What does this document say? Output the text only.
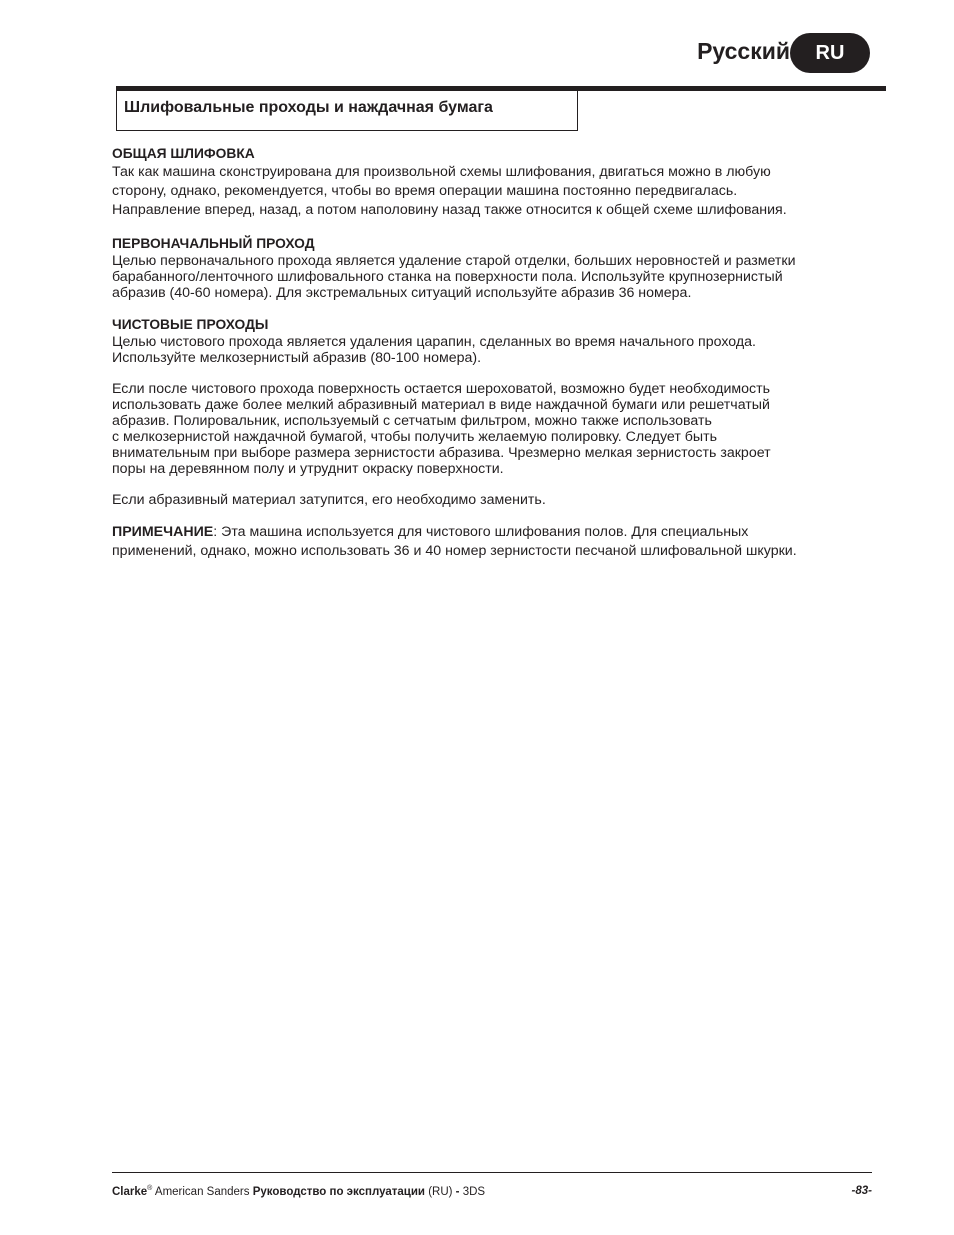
Русский	RU
Шлифовальные проходы и наждачная бумага
ОБЩАЯ ШЛИФОВКА

Так как машина сконструирована для произвольной схемы шлифования, двигаться можно в любую

сторону, однако, рекомендуется, чтобы во время операции машина постоянно передвигалась.

Направление вперед, назад, а потом наполовину назад также относится к общей схеме шлифования.

ПЕРВОНАЧАЛЬНЫЙ ПРОХОД

Целью первоначального прохода является удаление старой отделки, больших неровностей и разметки

барабанного/ленточного шлифовального станка на поверхности пола. Используйте крупнозернистый

абразив (40-60 номера). Для экстремальных ситуаций используйте абразив 36 номера.

ЧИСТОВЫЕ ПРОХОДЫ

Целью чистового прохода является удаления царапин, сделанных во время начального прохода.

Используйте мелкозернистый абразив (80-100 номера).

Если после чистового прохода поверхность остается шероховатой, возможно будет необходимость

использовать даже более мелкий абразивный материал в виде наждачной бумаги или решетчатый

абразив. Полировальник, используемый с сетчатым фильтром, можно также использовать

с мелкозернистой наждачной бумагой, чтобы получить желаемую полировку. Следует быть

внимательным при выборе размера зернистости абразива. Чрезмерно мелкая зернистость закроет

поры на деревянном полу и утруднит окраску поверхности.

Если абразивный материал затупится, его необходимо заменить.

ПРИМЕЧАНИЕ: Эта машина используется для чистового шлифования полов. Для специальных

применений, однако, можно использовать 36 и 40 номер зернистости песчаной шлифовальной шкурки.

Clarke® American Sanders Руководство по эксплуатации (RU) - 3DS	-83-
